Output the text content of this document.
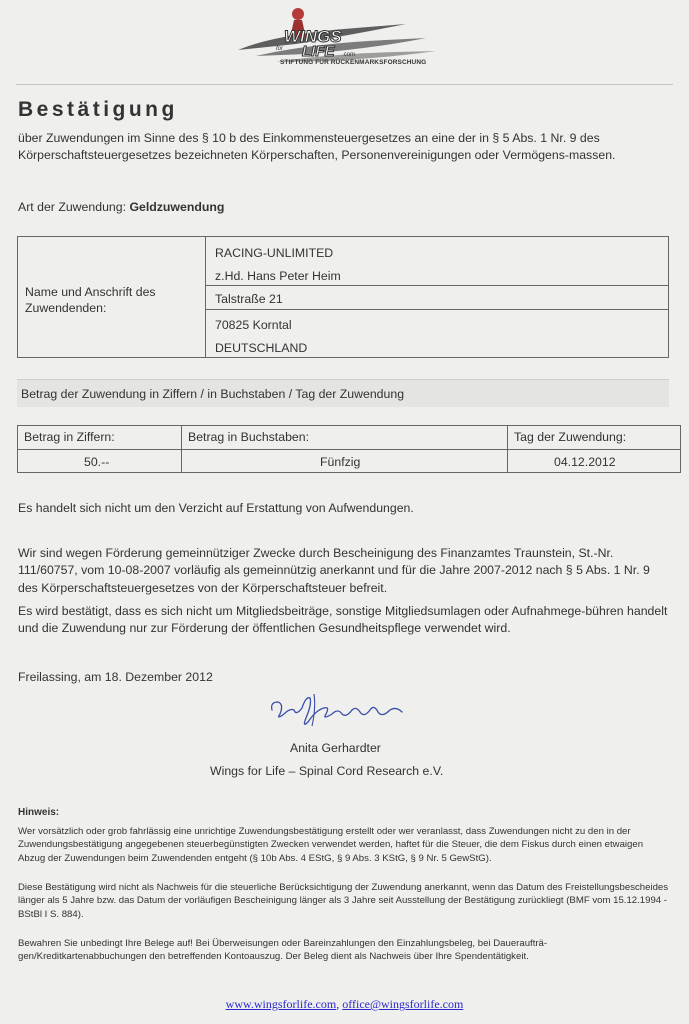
WINGS
for LIFE .com
STIFTUNG FÜR RÜCKENMARKSFORSCHUNG
Bestätigung
über Zuwendungen im Sinne des § 10 b des Einkommensteuergesetzes an eine der in § 5 Abs. 1 Nr. 9 des Körperschaftsteuergesetzes bezeichneten Körperschaften, Personenvereinigungen oder Vermögens-massen.
Art der Zuwendung: Geldzuwendung
Name und Anschrift des Zuwendenden:
RACING-UNLIMITED
z.Hd. Hans Peter Heim
Talstraße 21
70825 Korntal
DEUTSCHLAND
Betrag der Zuwendung in Ziffern / in Buchstaben / Tag der Zuwendung
Betrag in Ziffern:	Betrag in Buchstaben:	Tag der Zuwendung:
50.--	Fünfzig	04.12.2012
Es handelt sich nicht um den Verzicht auf Erstattung von Aufwendungen.
Wir sind wegen Förderung gemeinnütziger Zwecke durch Bescheinigung des Finanzamtes Traunstein, St.-Nr. 111/60757, vom 10-08-2007 vorläufig als gemeinnützig anerkannt und für die Jahre 2007-2012 nach § 5 Abs. 1 Nr. 9 des Körperschaftsteuergesetzes von der Körperschaftsteuer befreit.
Es wird bestätigt, dass es sich nicht um Mitgliedsbeiträge, sonstige Mitgliedsumlagen oder Aufnahmege-bühren handelt und die Zuwendung nur zur Förderung der öffentlichen Gesundheitspflege verwendet wird.
Freilassing, am 18. Dezember 2012
Anita Gerhardter
Wings for Life – Spinal Cord Research e.V.
Hinweis:
Wer vorsätzlich oder grob fahrlässig eine unrichtige Zuwendungsbestätigung erstellt oder wer veranlasst, dass Zuwendungen nicht zu den in der Zuwendungsbestätigung angegebenen steuerbegünstigten Zwecken verwendet werden, haftet für die Steuer, die dem Fiskus durch einen etwaigen Abzug der Zuwendungen beim Zuwendenden entgeht (§ 10b Abs. 4 EStG, § 9 Abs. 3 KStG, § 9 Nr. 5 GewStG).
Diese Bestätigung wird nicht als Nachweis für die steuerliche Berücksichtigung der Zuwendung anerkannt, wenn das Datum des Freistellungsbescheides länger als 5 Jahre bzw. das Datum der vorläufigen Bescheinigung länger als 3 Jahre seit Ausstellung der Bestätigung zurückliegt (BMF vom 15.12.1994 - BStBl I S. 884).
Bewahren Sie unbedingt Ihre Belege auf! Bei Überweisungen oder Bareinzahlungen den Einzahlungsbeleg, bei Daueraufträ-gen/Kreditkartenabbuchungen den betreffenden Kontoauszug. Der Beleg dient als Nachweis über Ihre Spendentätigkeit.
www.wingsforlife.com, office@wingsforlife.com
